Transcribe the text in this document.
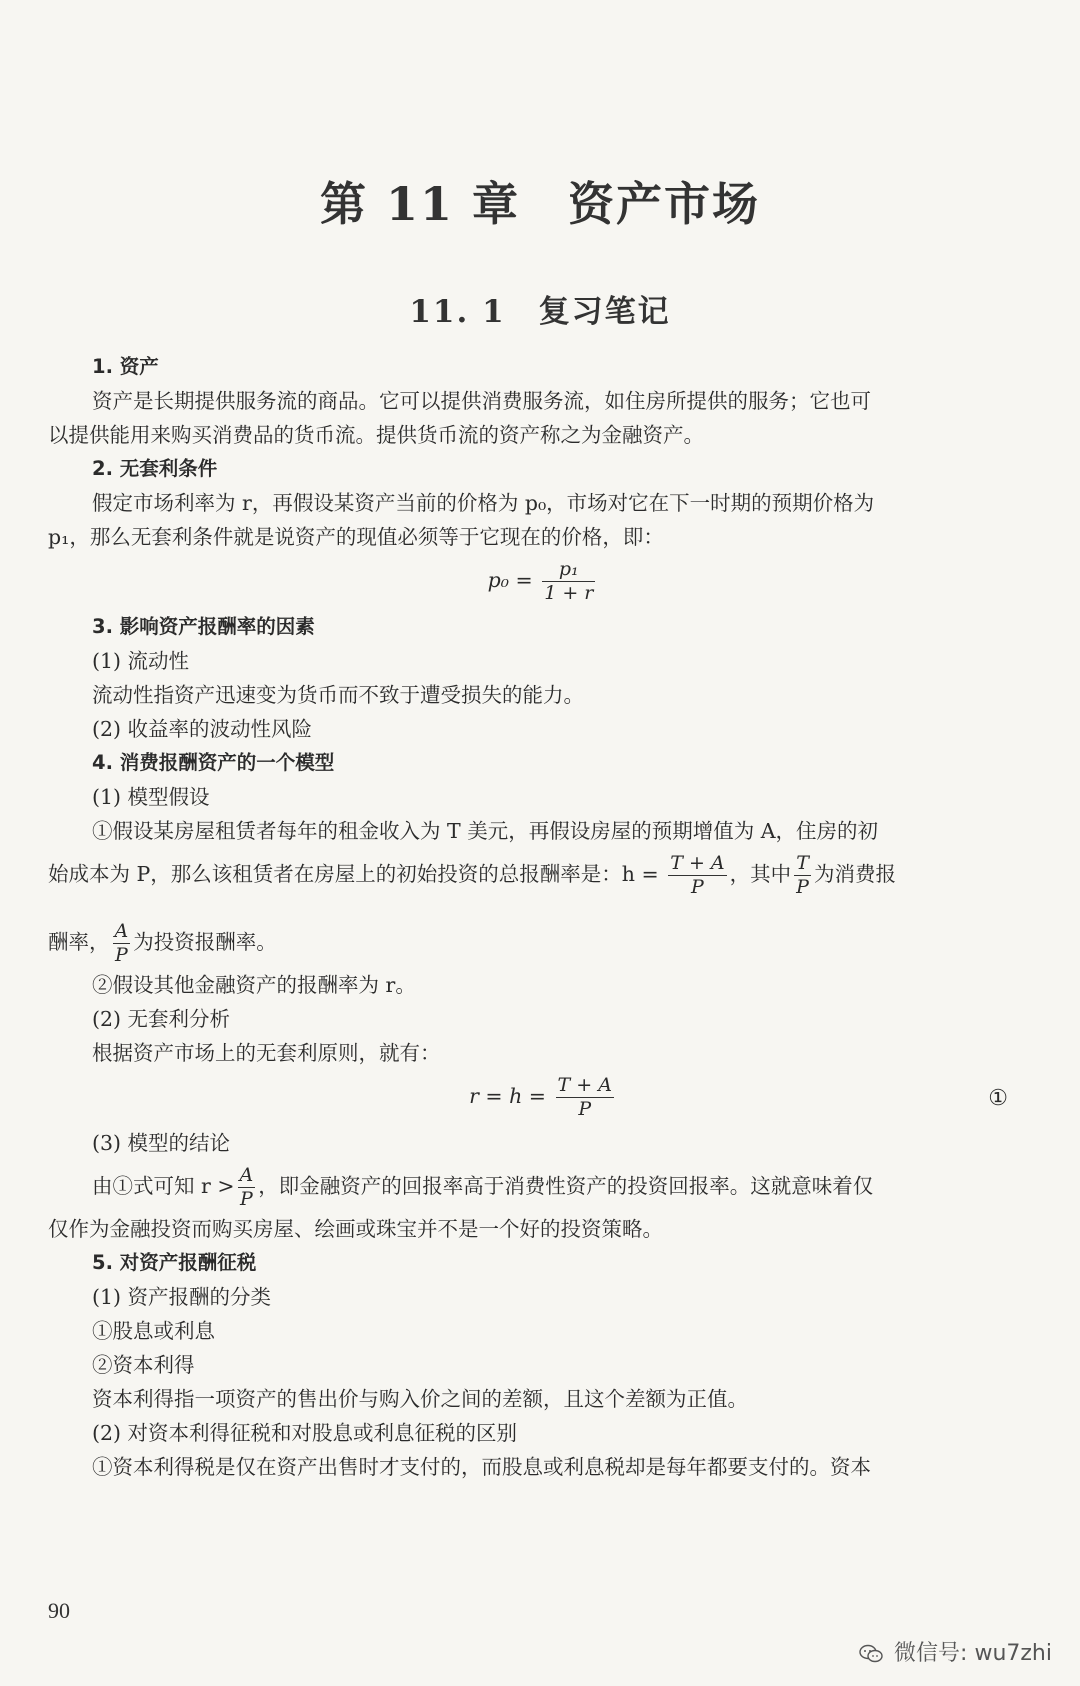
第 11 章　资产市场
11. 1　复习笔记
1. 资产
资产是长期提供服务流的商品。它可以提供消费服务流，如住房所提供的服务；它也可
以提供能用来购买消费品的货币流。提供货币流的资产称之为金融资产。
2. 无套利条件
假定市场利率为 r，再假设某资产当前的价格为 p₀，市场对它在下一时期的预期价格为
p₁，那么无套利条件就是说资产的现值必须等于它现在的价格，即：
$p_0 = \frac{\text{p₁}}{1 + r}$
3. 影响资产报酬率的因素
(1) 流动性
流动性指资产迅速变为货币而不致于遭受损失的能力。
(2) 收益率的波动性风险
4. 消费报酬资产的一个模型
(1) 模型假设
①假设某房屋租赁者每年的租金收入为 T 美元，再假设房屋的预期增值为 A，住房的初
始成本为 P，那么该租赁者在房屋上的初始投资的总报酬率是：$h = \frac{T + A}{P}$ ，其中 $\frac{T}{P}$ 为消费报
酬率， $\frac{A}{P}$ 为投资报酬率。
②假设其他金融资产的报酬率为 r。
(2) 无套利分析
根据资产市场上的无套利原则，就有：
$r = h = \frac{T + A}{P}$	①
(3) 模型的结论
由①式可知 $r > \frac{A}{P}$ ，即金融资产的回报率高于消费性资产的投资回报率。这就意味着仅
仅作为金融投资而购买房屋、绘画或珠宝并不是一个好的投资策略。
5. 对资产报酬征税
(1) 资产报酬的分类
①股息或利息
②资本利得
资本利得指一项资产的售出价与购入价之间的差额，且这个差额为正值。
(2) 对资本利得征税和对股息或利息征税的区别
①资本利得税是仅在资产出售时才支付的，而股息或利息税却是每年都要支付的。资本
90
微信号: wu7zhi
